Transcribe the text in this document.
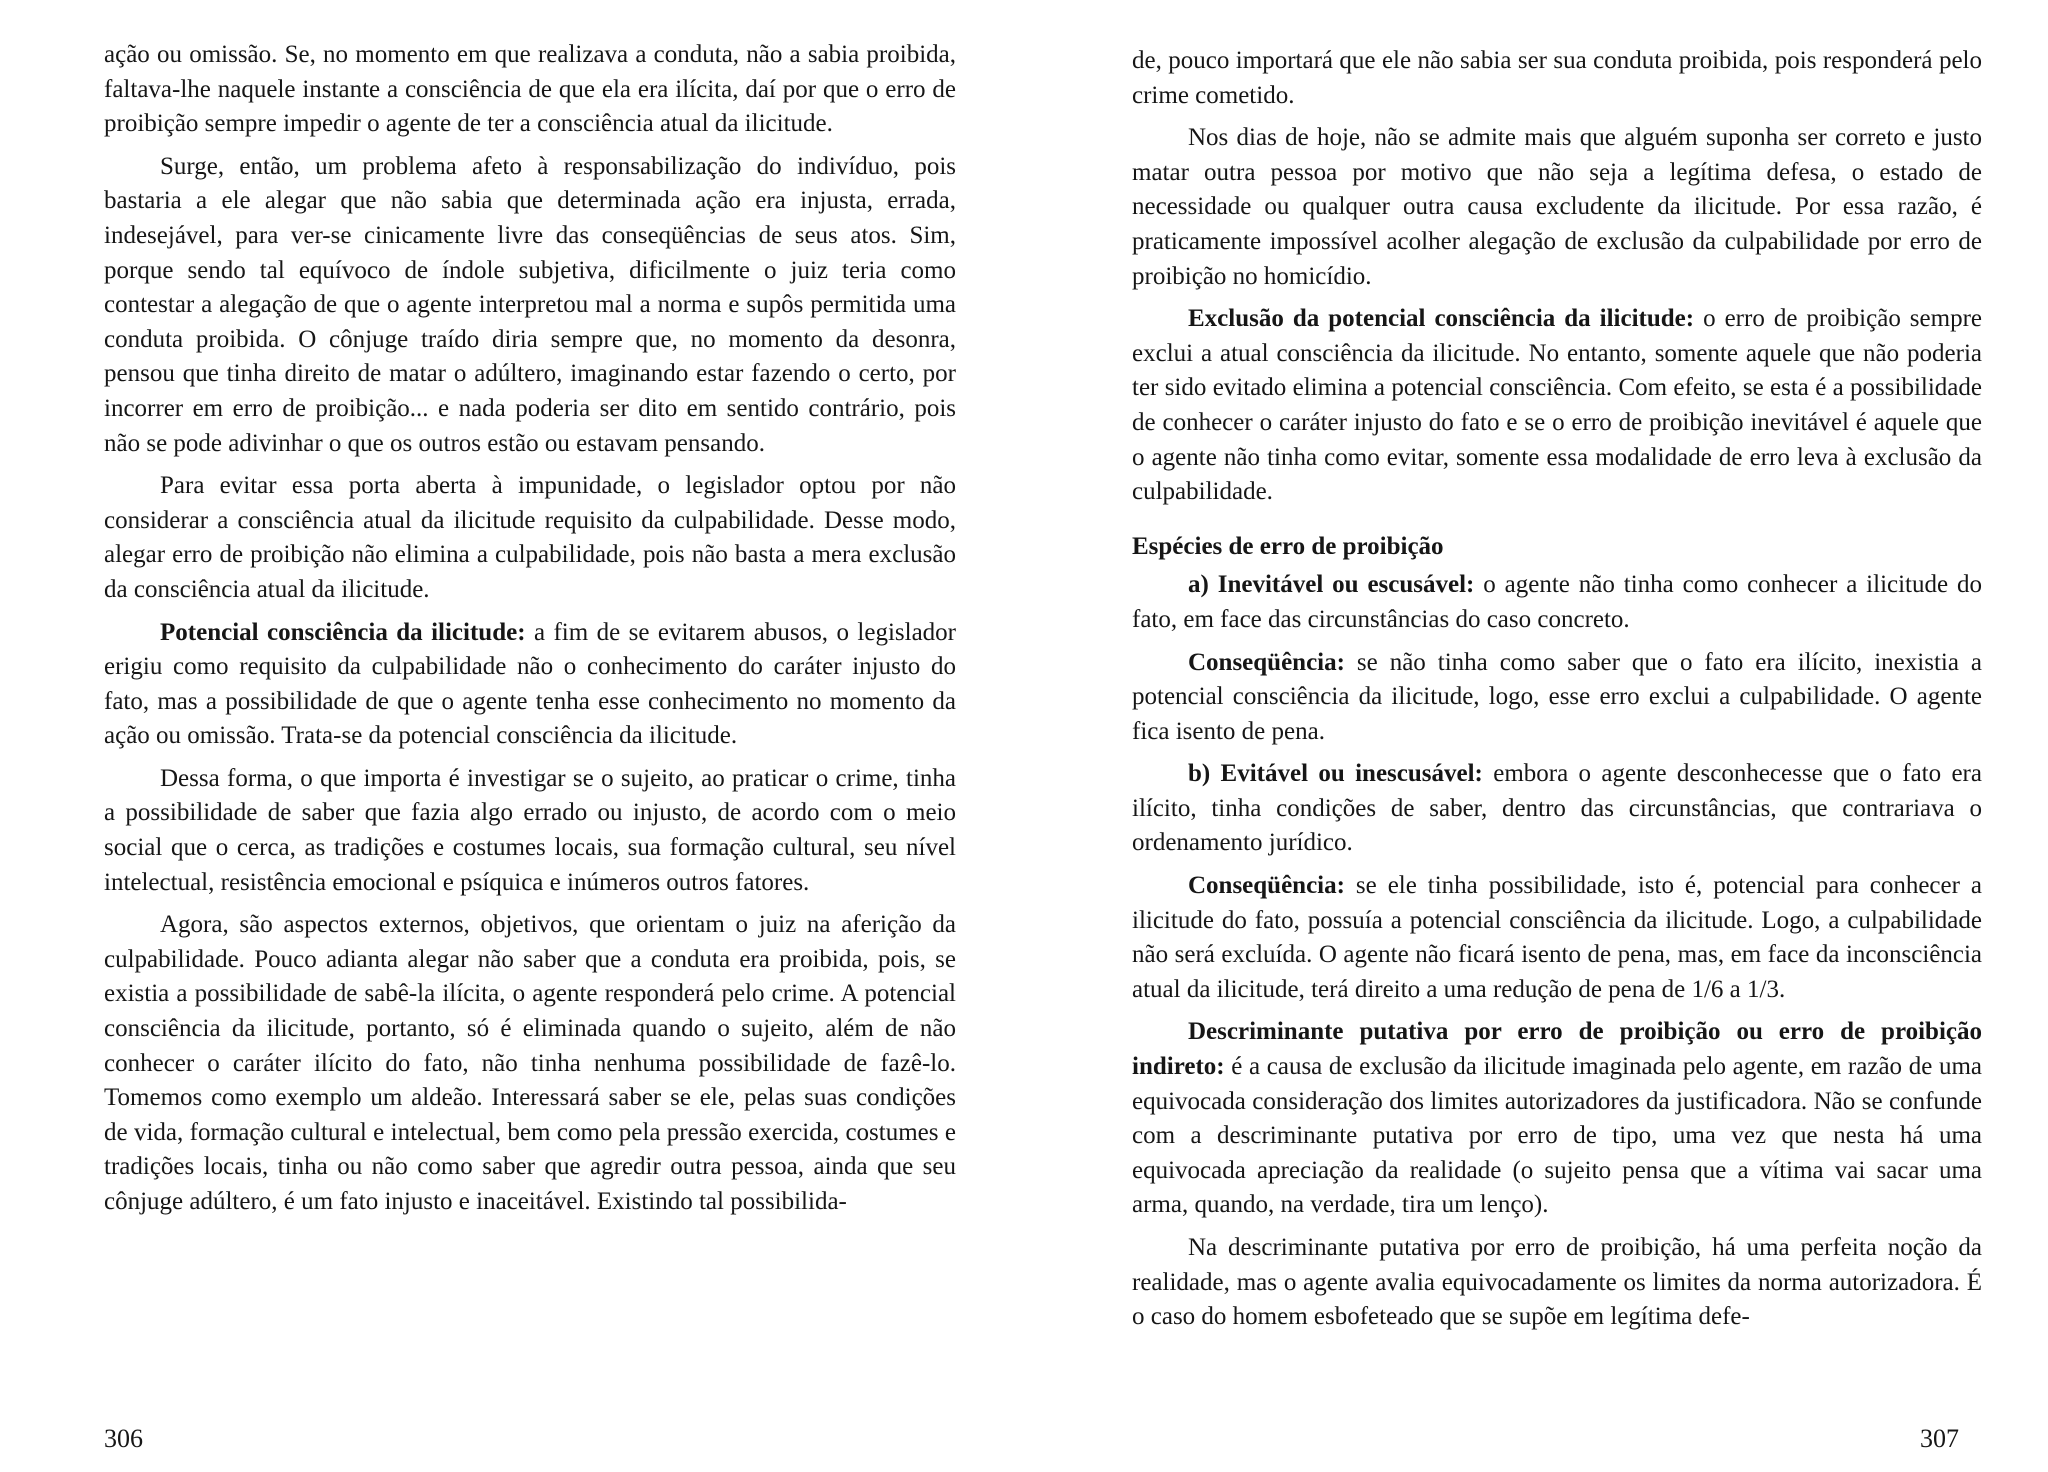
ação ou omissão. Se, no momento em que realizava a conduta, não a sabia proibida, faltava-lhe naquele instante a consciência de que ela era ilícita, daí por que o erro de proibição sempre impedir o agente de ter a consciência atual da ilicitude.

Surge, então, um problema afeto à responsabilização do indivíduo, pois bastaria a ele alegar que não sabia que determinada ação era injusta, errada, indesejável, para ver-se cinicamente livre das conseqüências de seus atos. Sim, porque sendo tal equívoco de índole subjetiva, dificilmente o juiz teria como contestar a alegação de que o agente interpretou mal a norma e supôs permitida uma conduta proibida. O cônjuge traído diria sempre que, no momento da desonra, pensou que tinha direito de matar o adúltero, imaginando estar fazendo o certo, por incorrer em erro de proibição... e nada poderia ser dito em sentido contrário, pois não se pode adivinhar o que os outros estão ou estavam pensando.

Para evitar essa porta aberta à impunidade, o legislador optou por não considerar a consciência atual da ilicitude requisito da culpabilidade. Desse modo, alegar erro de proibição não elimina a culpabilidade, pois não basta a mera exclusão da consciência atual da ilicitude.

Potencial consciência da ilicitude: a fim de se evitarem abusos, o legislador erigiu como requisito da culpabilidade não o conhecimento do caráter injusto do fato, mas a possibilidade de que o agente tenha esse conhecimento no momento da ação ou omissão. Trata-se da potencial consciência da ilicitude.

Dessa forma, o que importa é investigar se o sujeito, ao praticar o crime, tinha a possibilidade de saber que fazia algo errado ou injusto, de acordo com o meio social que o cerca, as tradições e costumes locais, sua formação cultural, seu nível intelectual, resistência emocional e psíquica e inúmeros outros fatores.

Agora, são aspectos externos, objetivos, que orientam o juiz na aferição da culpabilidade. Pouco adianta alegar não saber que a conduta era proibida, pois, se existia a possibilidade de sabê-la ilícita, o agente responderá pelo crime. A potencial consciência da ilicitude, portanto, só é eliminada quando o sujeito, além de não conhecer o caráter ilícito do fato, não tinha nenhuma possibilidade de fazê-lo. Tomemos como exemplo um aldeão. Interessará saber se ele, pelas suas condições de vida, formação cultural e intelectual, bem como pela pressão exercida, costumes e tradições locais, tinha ou não como saber que agredir outra pessoa, ainda que seu cônjuge adúltero, é um fato injusto e inaceitável. Existindo tal possibilida-

de, pouco importará que ele não sabia ser sua conduta proibida, pois responderá pelo crime cometido.

Nos dias de hoje, não se admite mais que alguém suponha ser correto e justo matar outra pessoa por motivo que não seja a legítima defesa, o estado de necessidade ou qualquer outra causa excludente da ilicitude. Por essa razão, é praticamente impossível acolher alegação de exclusão da culpabilidade por erro de proibição no homicídio.

Exclusão da potencial consciência da ilicitude: o erro de proibição sempre exclui a atual consciência da ilicitude. No entanto, somente aquele que não poderia ter sido evitado elimina a potencial consciência. Com efeito, se esta é a possibilidade de conhecer o caráter injusto do fato e se o erro de proibição inevitável é aquele que o agente não tinha como evitar, somente essa modalidade de erro leva à exclusão da culpabilidade.

Espécies de erro de proibição

a) Inevitável ou escusável: o agente não tinha como conhecer a ilicitude do fato, em face das circunstâncias do caso concreto.

Conseqüência: se não tinha como saber que o fato era ilícito, inexistia a potencial consciência da ilicitude, logo, esse erro exclui a culpabilidade. O agente fica isento de pena.

b) Evitável ou inescusável: embora o agente desconhecesse que o fato era ilícito, tinha condições de saber, dentro das circunstâncias, que contrariava o ordenamento jurídico.

Conseqüência: se ele tinha possibilidade, isto é, potencial para conhecer a ilicitude do fato, possuía a potencial consciência da ilicitude. Logo, a culpabilidade não será excluída. O agente não ficará isento de pena, mas, em face da inconsciência atual da ilicitude, terá direito a uma redução de pena de 1/6 a 1/3.

Descriminante putativa por erro de proibição ou erro de proibição indireto: é a causa de exclusão da ilicitude imaginada pelo agente, em razão de uma equivocada consideração dos limites autorizadores da justificadora. Não se confunde com a descriminante putativa por erro de tipo, uma vez que nesta há uma equivocada apreciação da realidade (o sujeito pensa que a vítima vai sacar uma arma, quando, na verdade, tira um lenço).

Na descriminante putativa por erro de proibição, há uma perfeita noção da realidade, mas o agente avalia equivocadamente os limites da norma autorizadora. É o caso do homem esbofeteado que se supõe em legítima defe-

306	307
